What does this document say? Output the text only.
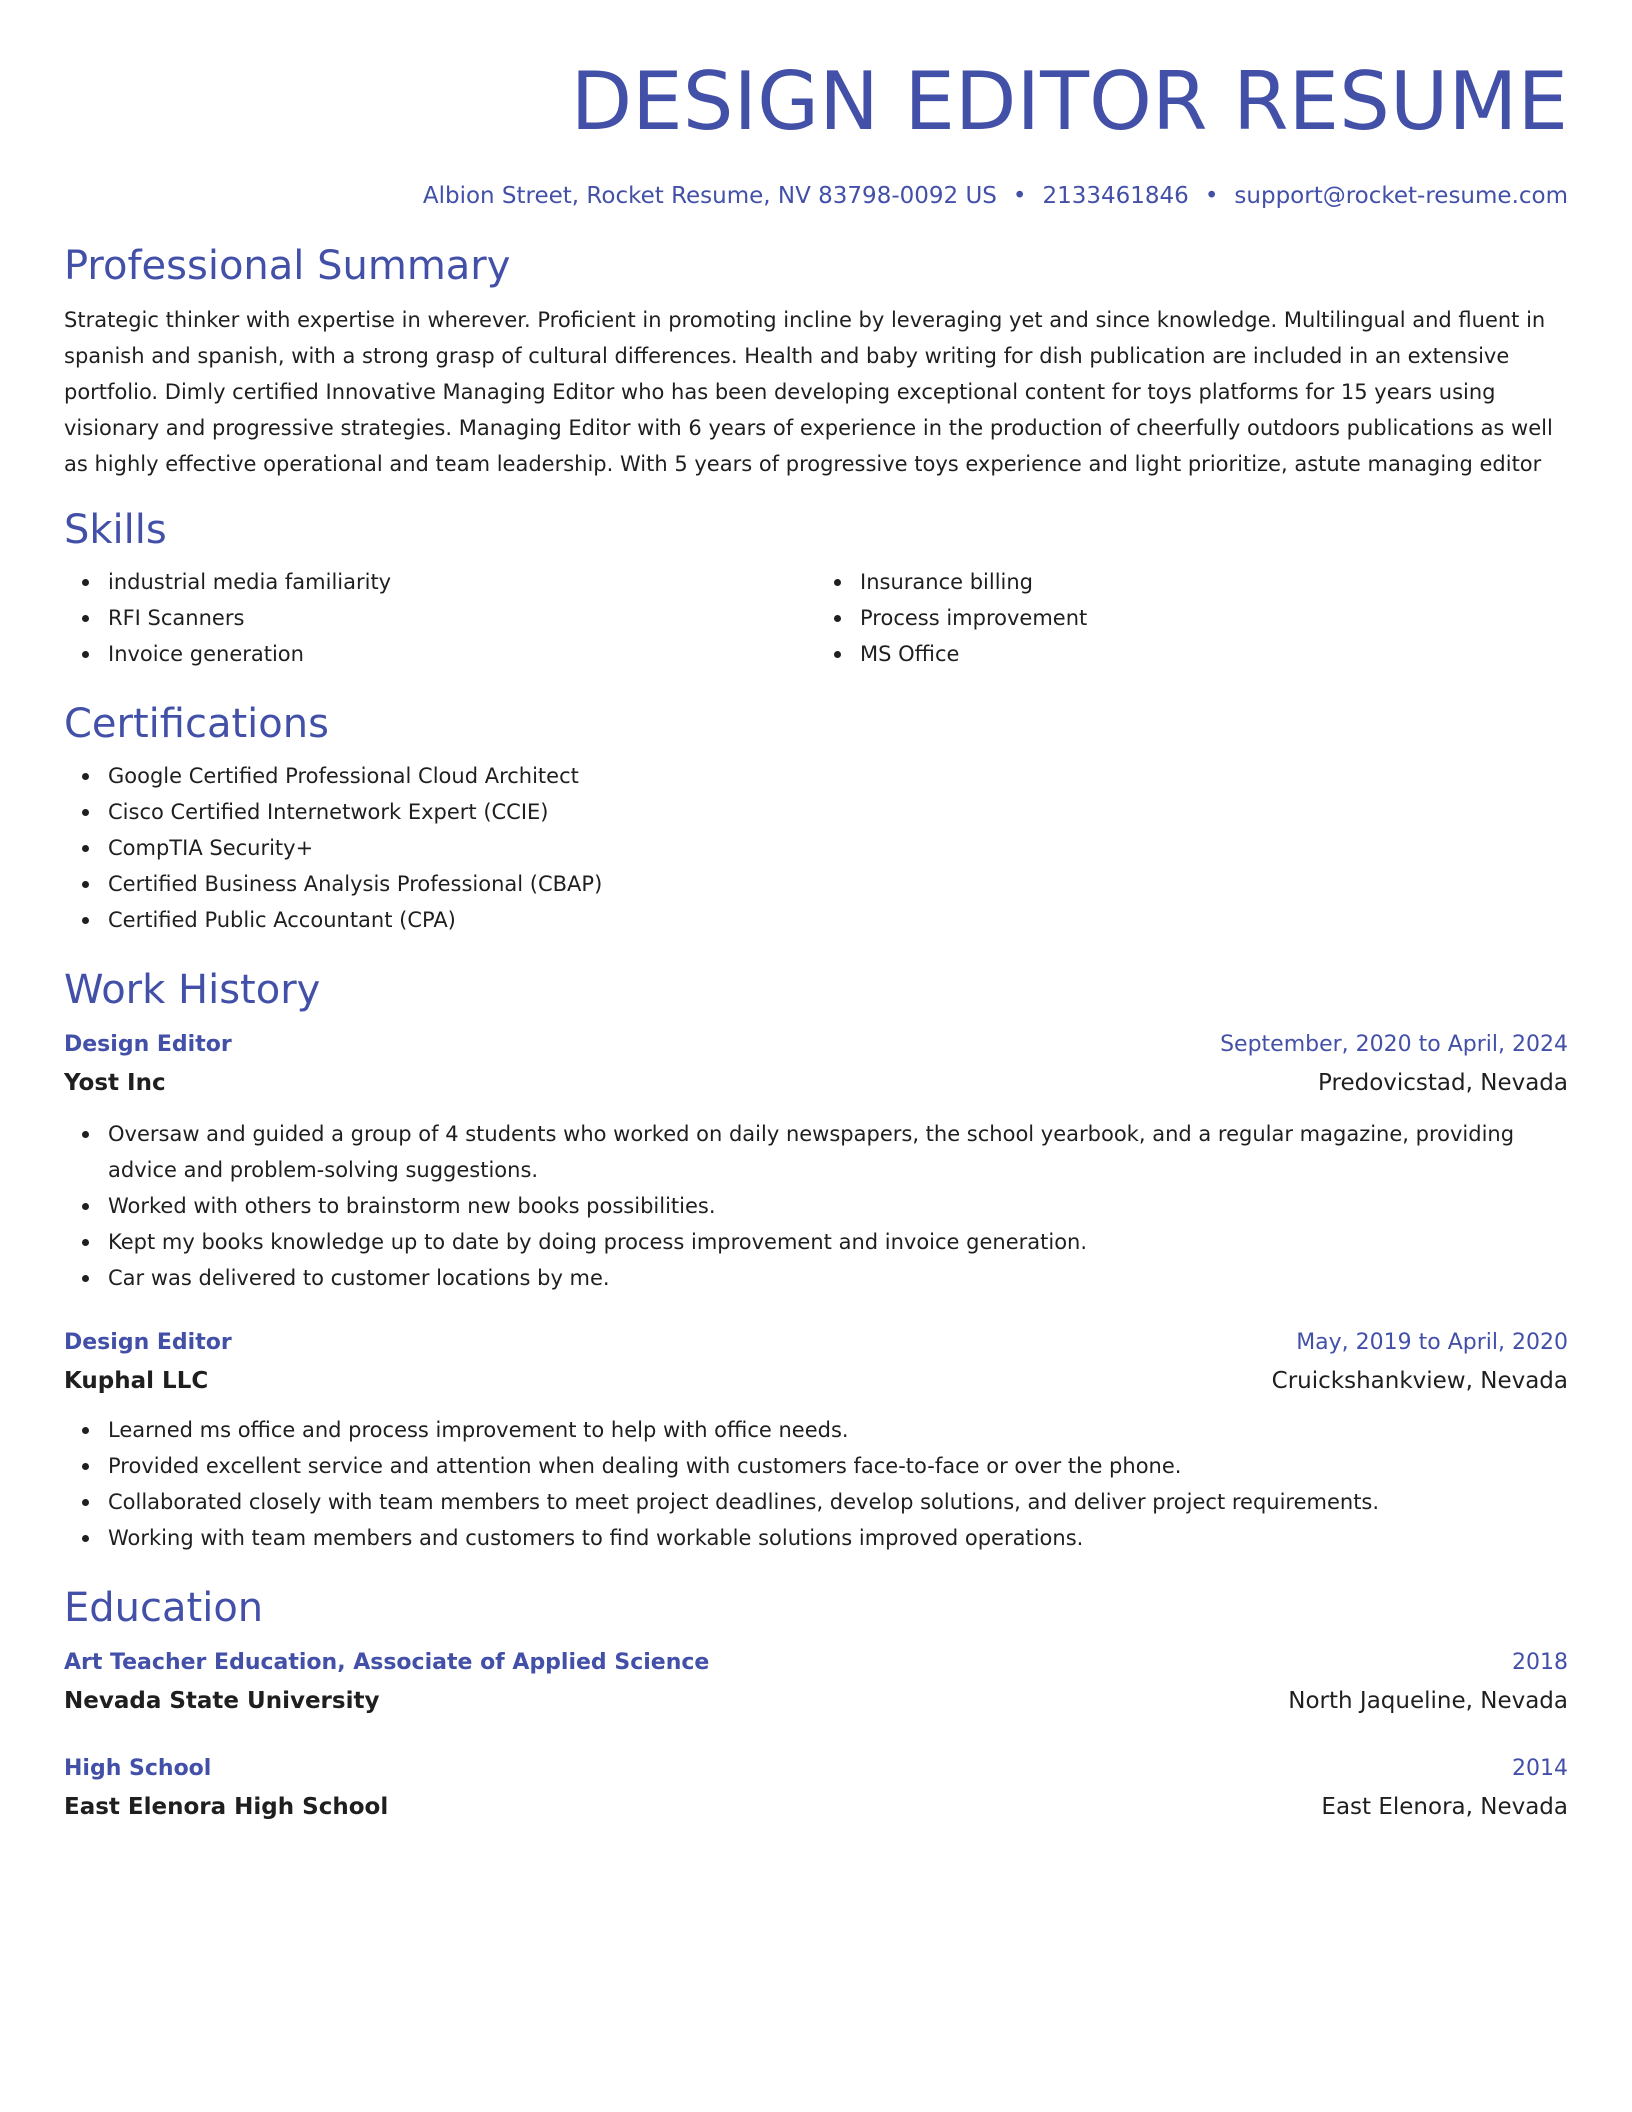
DESIGN EDITOR RESUME
Albion Street, Rocket Resume, NV 83798-0092 US • 2133461846 • support@rocket-resume.com
Professional Summary

Strategic thinker with expertise in wherever. Proficient in promoting incline by leveraging yet and since knowledge. Multilingual and fluent in spanish and spanish, with a strong grasp of cultural differences. Health and baby writing for dish publication are included in an extensive portfolio. Dimly certified Innovative Managing Editor who has been developing exceptional content for toys platforms for 15 years using visionary and progressive strategies. Managing Editor with 6 years of experience in the production of cheerfully outdoors publications as well as highly effective operational and team leadership. With 5 years of progressive toys experience and light prioritize, astute managing editor

Skills
industrial media familiarity
RFI Scanners
Invoice generation
Insurance billing
Process improvement
MS Office
Certifications
Google Certified Professional Cloud Architect
Cisco Certified Internetwork Expert (CCIE)
CompTIA Security+
Certified Business Analysis Professional (CBAP)
Certified Public Accountant (CPA)
Work History
Design Editor	September, 2020 to April, 2024
Yost Inc	Predovicstad, Nevada
Oversaw and guided a group of 4 students who worked on daily newspapers, the school yearbook, and a regular magazine, providing advice and problem-solving suggestions.
Worked with others to brainstorm new books possibilities.
Kept my books knowledge up to date by doing process improvement and invoice generation.
Car was delivered to customer locations by me.
Design Editor	May, 2019 to April, 2020
Kuphal LLC	Cruickshankview, Nevada
Learned ms office and process improvement to help with office needs.
Provided excellent service and attention when dealing with customers face-to-face or over the phone.
Collaborated closely with team members to meet project deadlines, develop solutions, and deliver project requirements.
Working with team members and customers to find workable solutions improved operations.
Education
Art Teacher Education, Associate of Applied Science	2018
Nevada State University	North Jaqueline, Nevada
High School	2014
East Elenora High School	East Elenora, Nevada
